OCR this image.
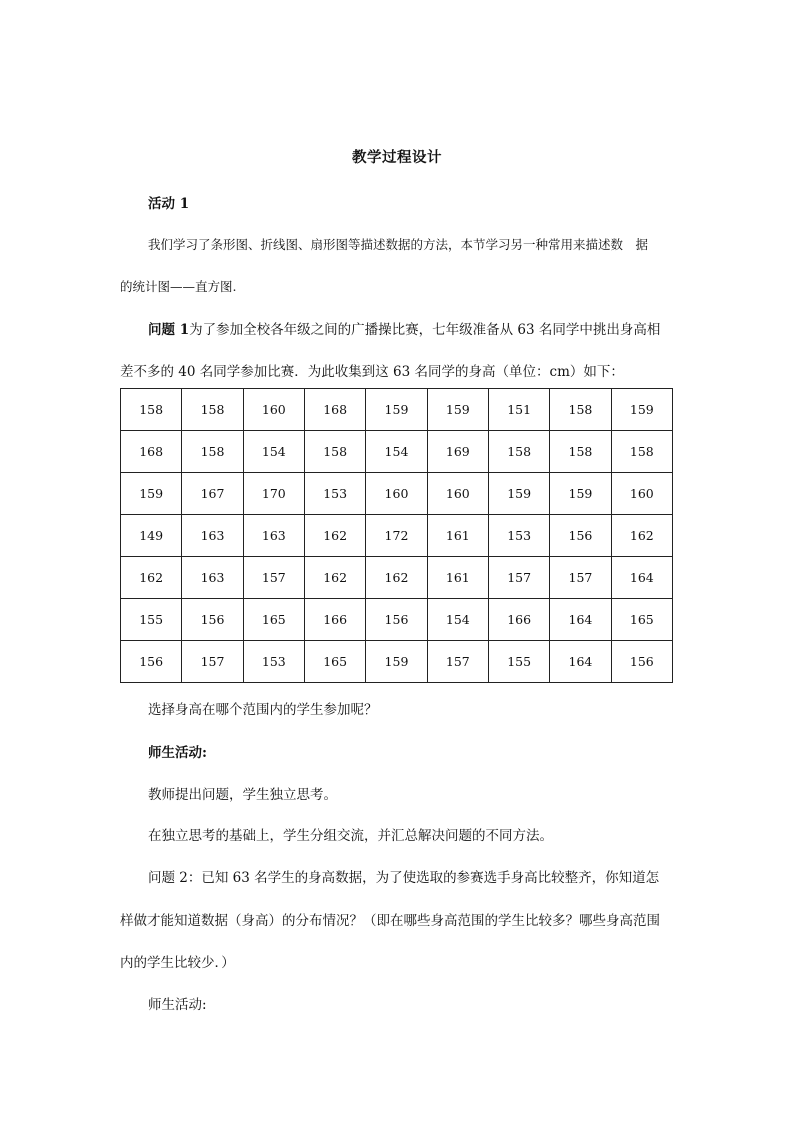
教学过程设计
活动 1
我们学习了条形图、折线图、扇形图等描述数据的方法，本节学习另一种常用来描述数　据
的统计图——直方图.
问题 1为了参加全校各年级之间的广播操比赛，七年级准备从 63 名同学中挑出身高相
差不多的 40 名同学参加比赛．为此收集到这 63 名同学的身高（单位：cm）如下：
158	158	160	168	159	159	151	158	159
168	158	154	158	154	169	158	158	158
159	167	170	153	160	160	159	159	160
149	163	163	162	172	161	153	156	162
162	163	157	162	162	161	157	157	164
155	156	165	166	156	154	166	164	165
156	157	153	165	159	157	155	164	156
选择身高在哪个范围内的学生参加呢？
师生活动:
教师提出问题，学生独立思考。
在独立思考的基础上，学生分组交流，并汇总解决问题的不同方法。
问题 2：已知 63 名学生的身高数据，为了使选取的参赛选手身高比较整齐，你知道怎
样做才能知道数据（身高）的分布情况？（即在哪些身高范围的学生比较多？哪些身高范围
内的学生比较少．）
师生活动:
